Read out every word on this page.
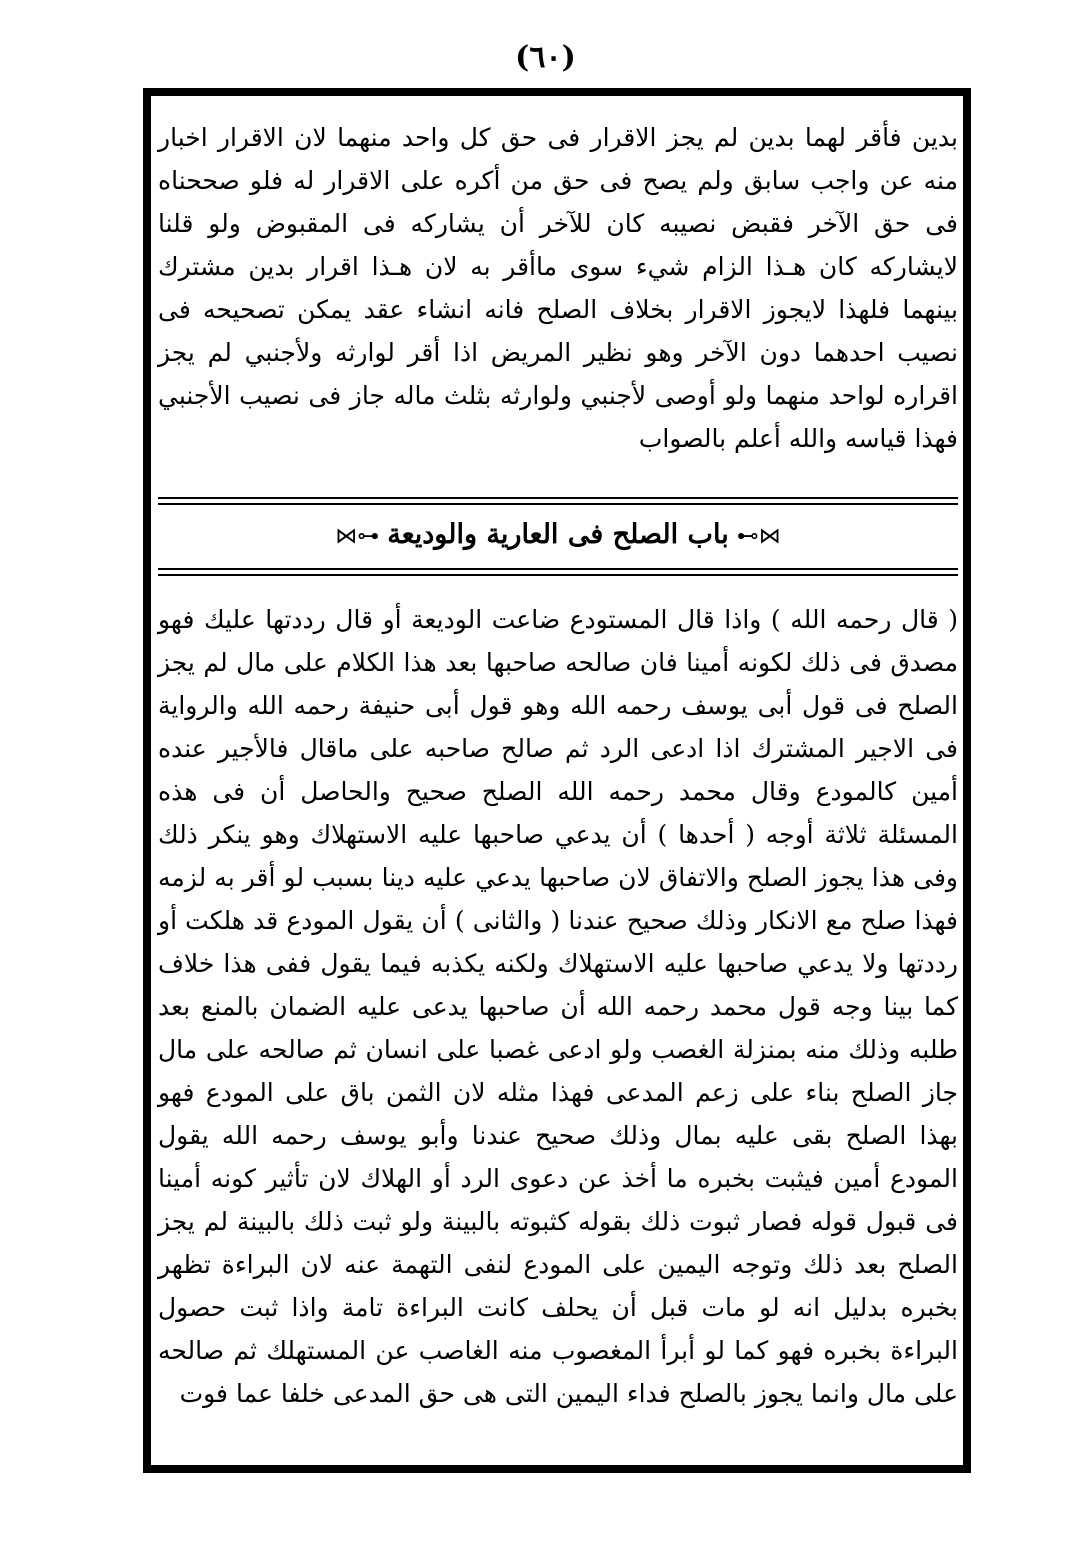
(٦٠)

بدين فأقر لهما بدين لم يجز الاقرار فى حق كل واحد منهما لان الاقرار اخبار منه عن واجب سابق ولم يصح فى حق من أكره على الاقرار له فلو صححناه فى حق الآخر فقبض نصيبه كان للآخر أن يشاركه فى المقبوض ولو قلنا لايشاركه كان هـذا الزام شيء سوى ماأقر به لان هـذا اقرار بدين مشترك بينهما فلهذا لايجوز الاقرار بخلاف الصلح فانه انشاء عقد يمكن تصحيحه فى نصيب احدهما دون الآخر وهو نظير المريض اذا أقر لوارثه ولأجنبي لم يجز اقراره لواحد منهما ولو أوصى لأجنبي ولوارثه بثلث ماله جاز فى نصيب الأجنبي فهذا قياسه والله أعلم بالصواب

⋈⊶باب الصلح فى العارية والوديعة⊷⋈

( قال رحمه الله ) واذا قال المستودع ضاعت الوديعة أو قال رددتها عليك فهو مصدق فى ذلك لكونه أمينا فان صالحه صاحبها بعد هذا الكلام على مال لم يجز الصلح فى قول أبى يوسف رحمه الله وهو قول أبى حنيفة رحمه الله والرواية فى الاجير المشترك اذا ادعى الرد ثم صالح صاحبه على ماقال فالأجير عنده أمين كالمودع وقال محمد رحمه الله الصلح صحيح والحاصل أن فى هذه المسئلة ثلاثة أوجه ( أحدها ) أن يدعي صاحبها عليه الاستهلاك وهو ينكر ذلك وفى هذا يجوز الصلح والاتفاق لان صاحبها يدعي عليه دينا بسبب لو أقر به لزمه فهذا صلح مع الانكار وذلك صحيح عندنا ( والثانى ) أن يقول المودع قد هلكت أو رددتها ولا يدعي صاحبها عليه الاستهلاك ولكنه يكذبه فيما يقول ففى هذا خلاف كما بينا وجه قول محمد رحمه الله أن صاحبها يدعى عليه الضمان بالمنع بعد طلبه وذلك منه بمنزلة الغصب ولو ادعى غصبا على انسان ثم صالحه على مال جاز الصلح بناء على زعم المدعى فهذا مثله لان الثمن باق على المودع فهو بهذا الصلح بقى عليه بمال وذلك صحيح عندنا وأبو يوسف رحمه الله يقول المودع أمين فيثبت بخبره ما أخذ عن دعوى الرد أو الهلاك لان تأثير كونه أمينا فى قبول قوله فصار ثبوت ذلك بقوله كثبوته بالبينة ولو ثبت ذلك بالبينة لم يجز الصلح بعد ذلك وتوجه اليمين على المودع لنفى التهمة عنه لان البراءة تظهر بخبره بدليل انه لو مات قبل أن يحلف كانت البراءة تامة واذا ثبت حصول البراءة بخبره فهو كما لو أبرأ المغصوب منه الغاصب عن المستهلك ثم صالحه على مال وانما يجوز بالصلح فداء اليمين التى هى حق المدعى خلفا عما فوت
